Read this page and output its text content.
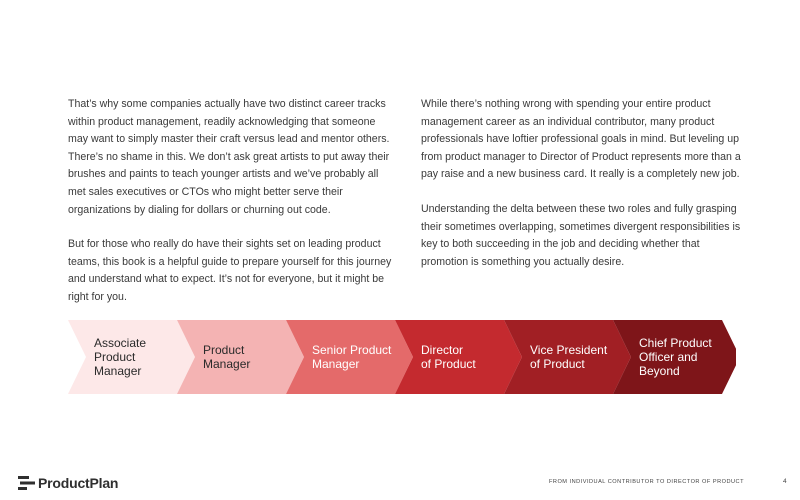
That’s why some companies actually have two distinct career tracks within product management, readily acknowledging that someone may want to simply master their craft versus lead and mentor others. There’s no shame in this. We don’t ask great artists to put away their brushes and paints to teach younger artists and we’ve probably all met sales executives or CTOs who might better serve their organizations by dialing for dollars or churning out code.

But for those who really do have their sights set on leading product teams, this book is a helpful guide to prepare yourself for this journey and understand what to expect. It’s not for everyone, but it might be right for you.

While there’s nothing wrong with spending your entire product management career as an individual contributor, many product professionals have loftier professional goals in mind. But leveling up from product manager to Director of Product represents more than a pay raise and a new business card. It really is a completely new job.

Understanding the delta between these two roles and fully grasping their sometimes overlapping, sometimes divergent responsibilities is key to both succeeding in the job and deciding whether that promotion is something you actually desire.

Associate
Product
Manager
Product
Manager
Senior Product
Manager
Director
of Product
Vice President
of Product
Chief Product
Officer and
Beyond
ProductPlan	FROM INDIVIDUAL CONTRIBUTOR TO DIRECTOR OF PRODUCT	4
